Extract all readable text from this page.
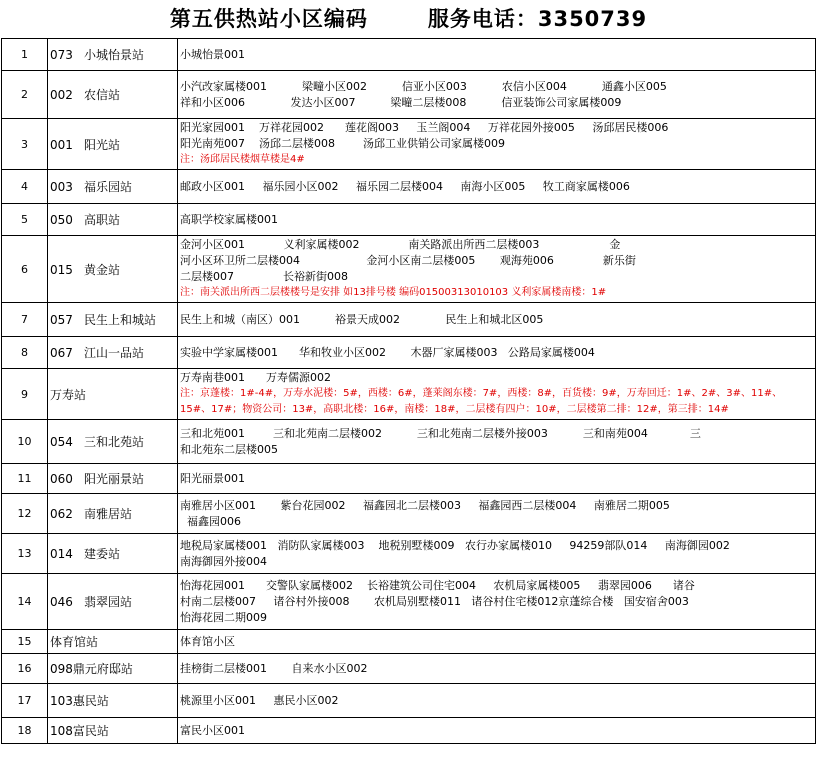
第五供热站小区编码	服务电话：3350739
1	073 小城怡景站	小城怡景001

2	002 农信站	小汽改家属楼001          梁疃小区002          信亚小区003          农信小区004          通鑫小区005
祥和小区006             发达小区007          梁疃二层楼008          信亚装饰公司家属楼009

3	001 阳光站	阳光家园001    万祥花园002      莲花阁003     玉兰阁004     万祥花园外接005     汤邱居民楼006
阳光南苑007    汤邱二层楼008        汤邱工业供销公司家属楼009
注：汤邱居民楼烟草楼是4#

4	003 福乐园站	邮政小区001     福乐园小区002     福乐园二层楼004     南海小区005     牧工商家属楼006

5	050 高职站	高职学校家属楼001

6	015 黄金站	金河小区001           义利家属楼002              南关路派出所西二层楼003                    金
河小区环卫所二层楼004                   金河小区南二层楼005       观海苑006              新乐街
二层楼007              长裕新街008
注：南关派出所西二层楼楼号是安排 如13排号楼 编码01500313010103 义利家属楼南楼：1#

7	057 民生上和城站	民生上和城（南区）001          裕景天成002             民生上和城北区005

8	067 江山一品站	实验中学家属楼001      华和牧业小区002       木器厂家属楼003   公路局家属楼004

9	万寿站	万寿南巷001      万寿儒源002
注：京蓬楼：1#-4#，万寿水泥楼：5#，西楼：6#，蓬莱阁东楼：7#，西楼：8#，百货楼：9#，万寿回迁：1#、2#、3#、11#、15#、17#；物资公司：13#，高职北楼：16#，南楼：18#，二层楼有四户：10#，二层楼第二排：12#，第三排：14#

10	054 三和北苑站	三和北苑001        三和北苑南二层楼002          三和北苑南二层楼外接003          三和南苑004            三
和北苑东二层楼005

11	060 阳光丽景站	阳光丽景001

12	062 南雅居站	南雅居小区001       紫台花园002     福鑫园北二层楼003     福鑫园西二层楼004     南雅居二期005
福鑫园006

13	014 建委站	地税局家属楼001   消防队家属楼003    地税别墅楼009   农行办家属楼010     94259部队014     南海御园002
南海御园外接004

14	046 翡翠园站	怡海花园001      交警队家属楼002    长裕建筑公司住宅004     农机局家属楼005     翡翠园006      诸谷
村南二层楼007     诸谷村外接008       农机局别墅楼011   诸谷村住宅楼012京蓬综合楼   国安宿舍003
怡海花园二期009

15	体育馆站	体育馆小区

16	098鼎元府邸站	挂榜街二层楼001       自来水小区002

17	103惠民站	桃源里小区001     惠民小区002

18	108富民站	富民小区001
